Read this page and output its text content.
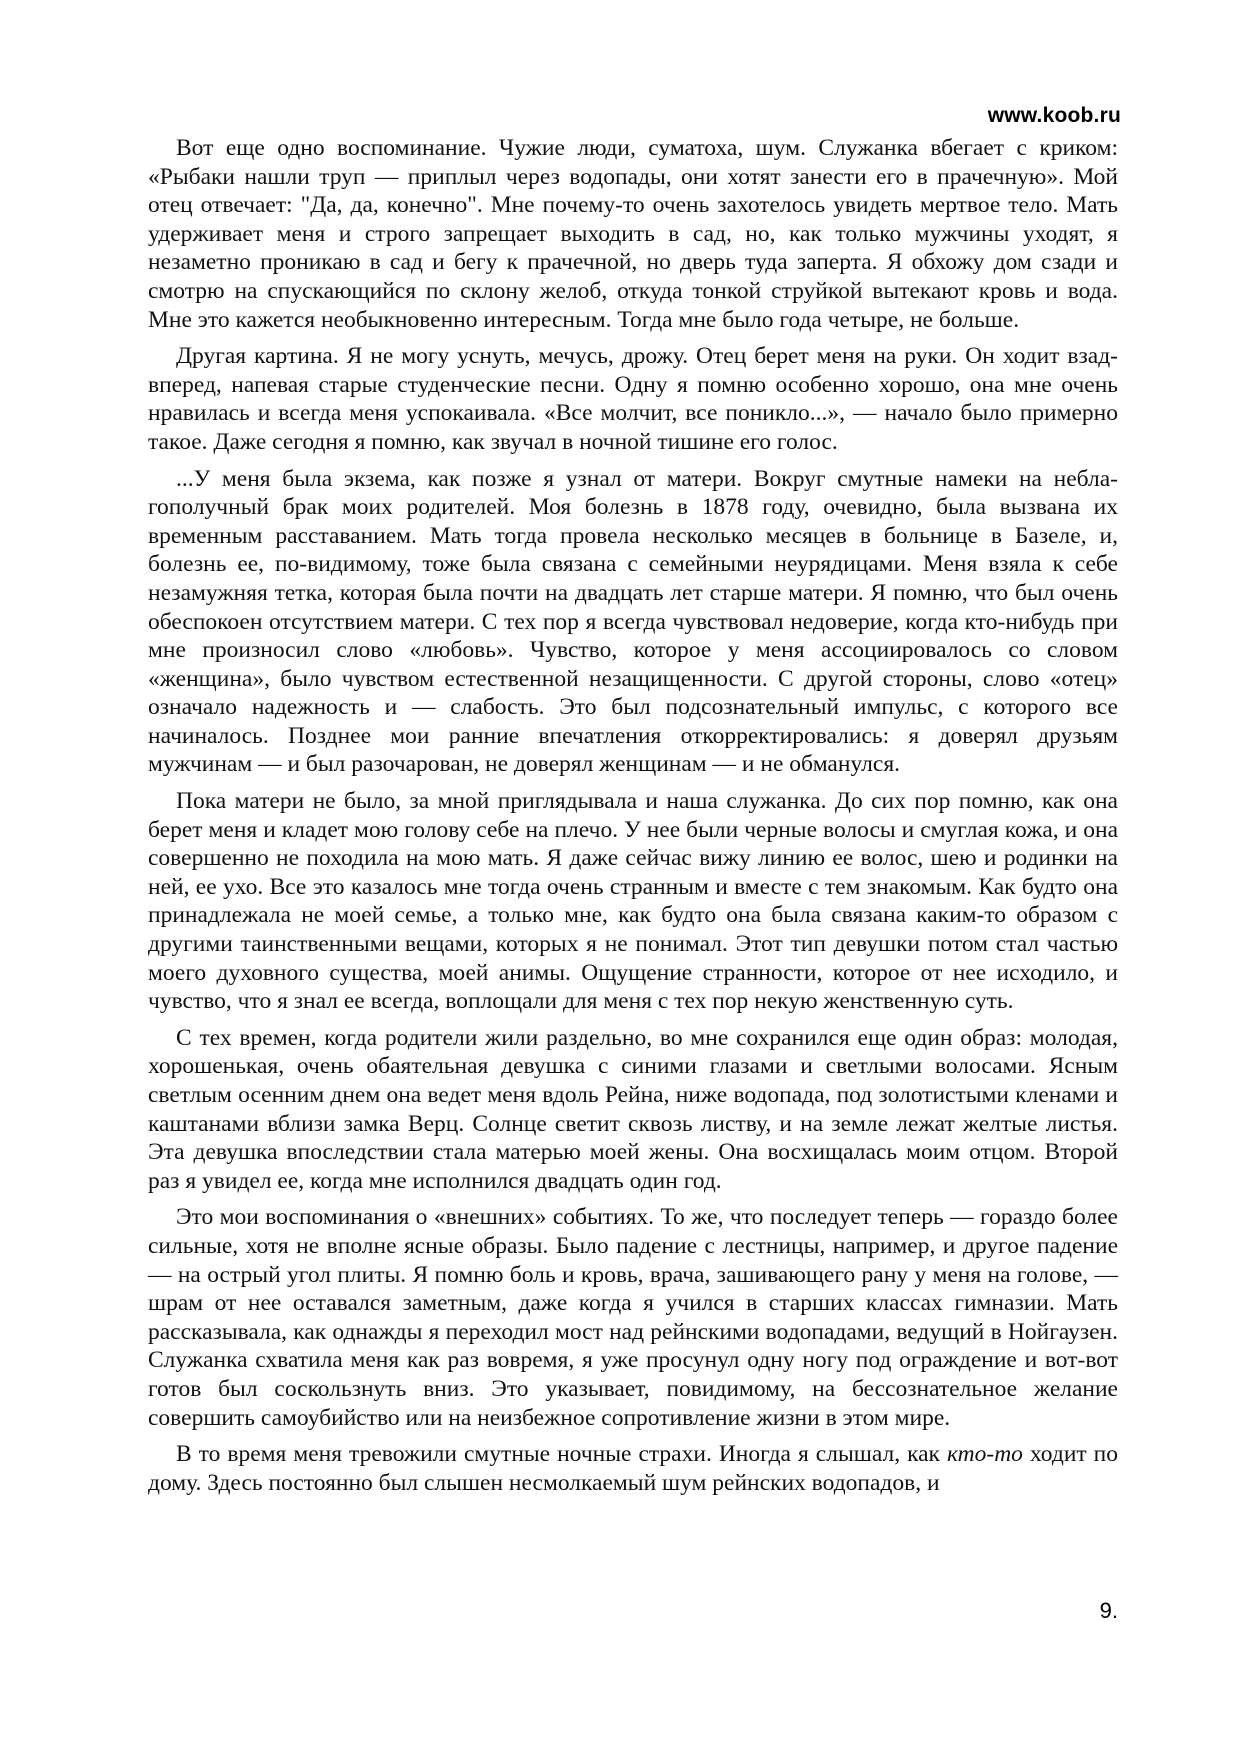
www.koob.ru

Вот еще одно воспоминание. Чужие люди, суматоха, шум. Служанка вбегает с криком: «Рыбаки нашли труп — приплыл через водопады, они хотят занести его в прачечную». Мой отец отвечает: "Да, да, конечно". Мне почему-то очень захотелось увидеть мертвое тело. Мать удерживает меня и строго запрещает выходить в сад, но, как только мужчины уходят, я незаметно проникаю в сад и бегу к прачечной, но дверь туда заперта. Я обхожу дом сзади и смотрю на спускающийся по склону желоб, откуда тонкой струйкой вытекают кровь и вода. Мне это кажется необыкновенно интересным. Тогда мне было года четыре, не больше.

Другая картина. Я не могу уснуть, мечусь, дрожу. Отец берет меня на руки. Он ходит взад-вперед, напевая старые студенческие песни. Одну я помню особенно хорошо, она мне очень нравилась и всегда меня успокаивала. «Все молчит, все поникло...», — начало было примерно такое. Даже сегодня я помню, как звучал в ночной тишине его голос.

...У меня была экзема, как позже я узнал от матери. Вокруг смутные намеки на неблагополучный брак моих родителей. Моя болезнь в 1878 году, очевидно, была вызвана их временным расставанием. Мать тогда провела несколько месяцев в больнице в Базеле, и, болезнь ее, по-видимому, тоже была связана с семейными неурядицами. Меня взяла к себе незамужняя тетка, которая была почти на двадцать лет старше матери. Я помню, что был очень обеспокоен отсутствием матери. С тех пор я всегда чувствовал недоверие, когда кто-нибудь при мне произносил слово «любовь». Чувство, которое у меня ассоциировалось со словом «женщина», было чувством естественной незащищенности. С другой стороны, слово «отец» означало надежность и — слабость. Это был подсознательный импульс, с которого все начиналось. Позднее мои ранние впечатления откорректировались: я доверял друзьям мужчинам — и был разочарован, не доверял женщинам — и не обманулся.

Пока матери не было, за мной приглядывала и наша служанка. До сих пор помню, как она берет меня и кладет мою голову себе на плечо. У нее были черные волосы и смуглая кожа, и она совершенно не походила на мою мать. Я даже сейчас вижу линию ее волос, шею и родинки на ней, ее ухо. Все это казалось мне тогда очень странным и вместе с тем знакомым. Как будто она принадлежала не моей семье, а только мне, как будто она была связана каким-то образом с другими таинственными вещами, которых я не понимал. Этот тип девушки потом стал частью моего духовного существа, моей анимы. Ощущение странности, которое от нее исходило, и чувство, что я знал ее всегда, воплощали для меня с тех пор некую женственную суть.

С тех времен, когда родители жили раздельно, во мне сохранился еще один образ: молодая, хорошенькая, очень обаятельная девушка с синими глазами и светлыми волосами. Ясным светлым осенним днем она ведет меня вдоль Рейна, ниже водопада, под золотистыми кленами и каштанами вблизи замка Верц. Солнце светит сквозь листву, и на земле лежат желтые листья. Эта девушка впоследствии стала матерью моей жены. Она восхищалась моим отцом. Второй раз я увидел ее, когда мне исполнился двадцать один год.

Это мои воспоминания о «внешних» событиях. То же, что последует теперь — гораздо более сильные, хотя не вполне ясные образы. Было падение с лестницы, например, и другое падение — на острый угол плиты. Я помню боль и кровь, врача, зашивающего рану у меня на голове, — шрам от нее оставался заметным, даже когда я учился в старших классах гимназии. Мать рассказывала, как однажды я переходил мост над рейнскими водопадами, ведущий в Нойгаузен. Служанка схватила меня как раз вовремя, я уже просунул одну ногу под ограждение и вот-вот готов был соскользнуть вниз. Это указывает, повидимому, на бессознательное желание совершить самоубийство или на неизбежное сопротивление жизни в этом мире.

В то время меня тревожили смутные ночные страхи. Иногда я слышал, как кто-то ходит по дому. Здесь постоянно был слышен несмолкаемый шум рейнских водопадов, и

9.
